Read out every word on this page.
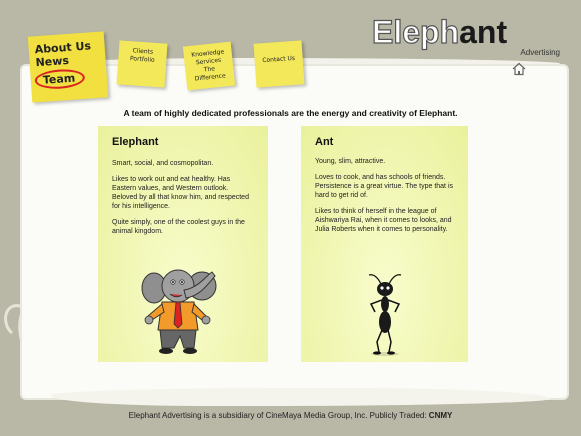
Elephant
Advertising
About Us
News
Team
Clients
Portfolio
Knowledge
Services
The Difference
Contact Us
A team of highly dedicated professionals are the energy and creativity of Elephant.
Elephant

Smart, social, and cosmopolitan.

Likes to work out and eat healthy. Has Eastern values, and Western outlook. Beloved by all that know him, and respected for his intelligence.

Quite simply, one of the coolest guys in the animal kingdom.

Ant

Young, slim, attractive.

Loves to cook, and has schools of friends. Persistence is a great virtue. The type that is hard to get rid of.

Likes to think of herself in the league of Aishwariya Rai, when it comes to looks, and Julia Roberts when it comes to personality.

Elephant Advertising is a subsidiary of CineMaya Media Group, Inc. Publicly Traded: CNMY
